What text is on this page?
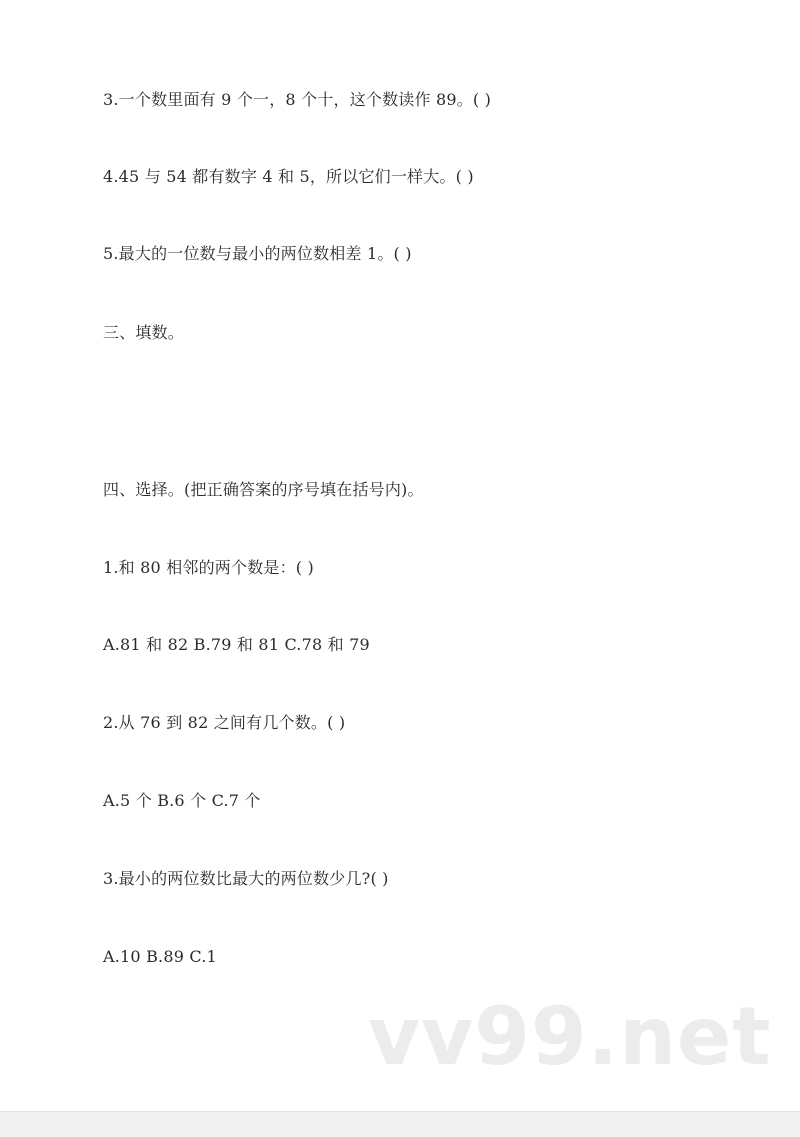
3.一个数里面有 9 个一，8 个十，这个数读作 89。( )
4.45 与 54 都有数字 4 和 5，所以它们一样大。( )
5.最大的一位数与最小的两位数相差 1。( )
三、填数。
四、选择。(把正确答案的序号填在括号内)。
1.和 80 相邻的两个数是：( )
A.81 和 82 B.79 和 81 C.78 和 79
2.从 76 到 82 之间有几个数。( )
A.5 个 B.6 个 C.7 个
3.最小的两位数比最大的两位数少几?( )
A.10 B.89 C.1
vv99.net
